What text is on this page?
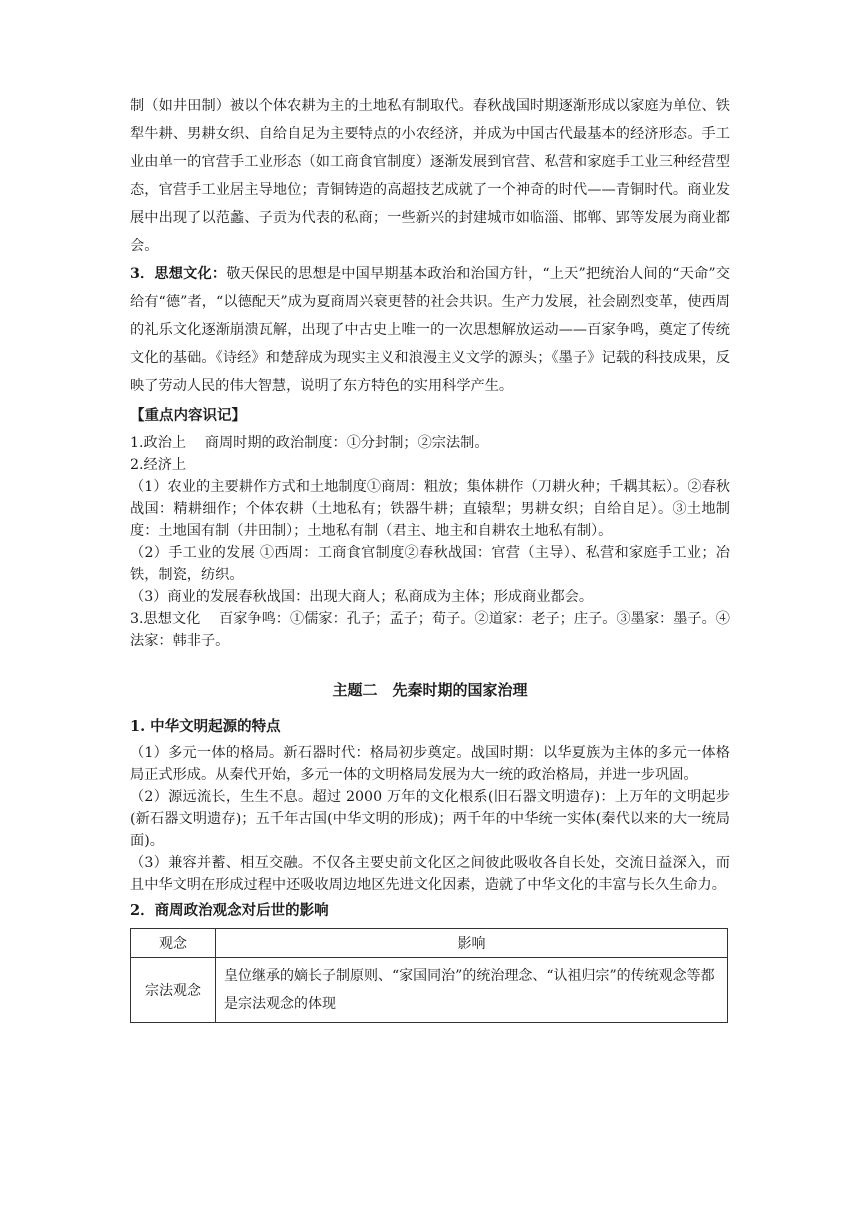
制（如井田制）被以个体农耕为主的土地私有制取代。春秋战国时期逐渐形成以家庭为单位、铁犁牛耕、男耕女织、自给自足为主要特点的小农经济，并成为中国古代最基本的经济形态。手工业由单一的官营手工业形态（如工商食官制度）逐渐发展到官营、私营和家庭手工业三种经营型态，官营手工业居主导地位；青铜铸造的高超技艺成就了一个神奇的时代——青铜时代。商业发展中出现了以范蠡、子贡为代表的私商；一些新兴的封建城市如临淄、邯郸、郢等发展为商业都会。

3．思想文化：敬天保民的思想是中国早期基本政治和治国方针，“上天”把统治人间的“天命”交给有“德”者，“以德配天”成为夏商周兴衰更替的社会共识。生产力发展，社会剧烈变革，使西周的礼乐文化逐渐崩溃瓦解，出现了中古史上唯一的一次思想解放运动——百家争鸣，奠定了传统文化的基础。《诗经》和楚辞成为现实主义和浪漫主义文学的源头；《墨子》记载的科技成果，反映了劳动人民的伟大智慧，说明了东方特色的实用科学产生。

【重点内容识记】

1.政治上　 商周时期的政治制度：①分封制；②宗法制。

2.经济上

（1）农业的主要耕作方式和土地制度①商周：粗放；集体耕作（刀耕火种；千耦其耘）。②春秋战国：精耕细作；个体农耕（土地私有；铁器牛耕；直辕犁；男耕女织；自给自足）。③土地制度：土地国有制（井田制）；土地私有制（君主、地主和自耕农土地私有制）。

（2）手工业的发展 ①西周：工商食官制度②春秋战国：官营（主导）、私营和家庭手工业；冶铁，制瓷，纺织。

（3）商业的发展春秋战国：出现大商人；私商成为主体；形成商业都会。

3.思想文化　 百家争鸣：①儒家：孔子；孟子；荀子。②道家：老子；庄子。③墨家：墨子。④法家：韩非子。

主题二　先秦时期的国家治理

1. 中华文明起源的特点

（1）多元一体的格局。新石器时代：格局初步奠定。战国时期：以华夏族为主体的多元一体格局正式形成。从秦代开始，多元一体的文明格局发展为大一统的政治格局，并进一步巩固。

（2）源远流长，生生不息。超过 2000 万年的文化根系(旧石器文明遗存)：上万年的文明起步(新石器文明遗存)；五千年古国(中华文明的形成)；两千年的中华统一实体(秦代以来的大一统局面)。

（3）兼容并蓄、相互交融。不仅各主要史前文化区之间彼此吸收各自长处，交流日益深入，而且中华文明在形成过程中还吸收周边地区先进文化因素，造就了中华文化的丰富与长久生命力。

2．商周政治观念对后世的影响

观念	影响
宗法观念	皇位继承的嫡长子制原则、“家国同治”的统治理念、“认祖归宗”的传统观念等都是宗法观念的体现
